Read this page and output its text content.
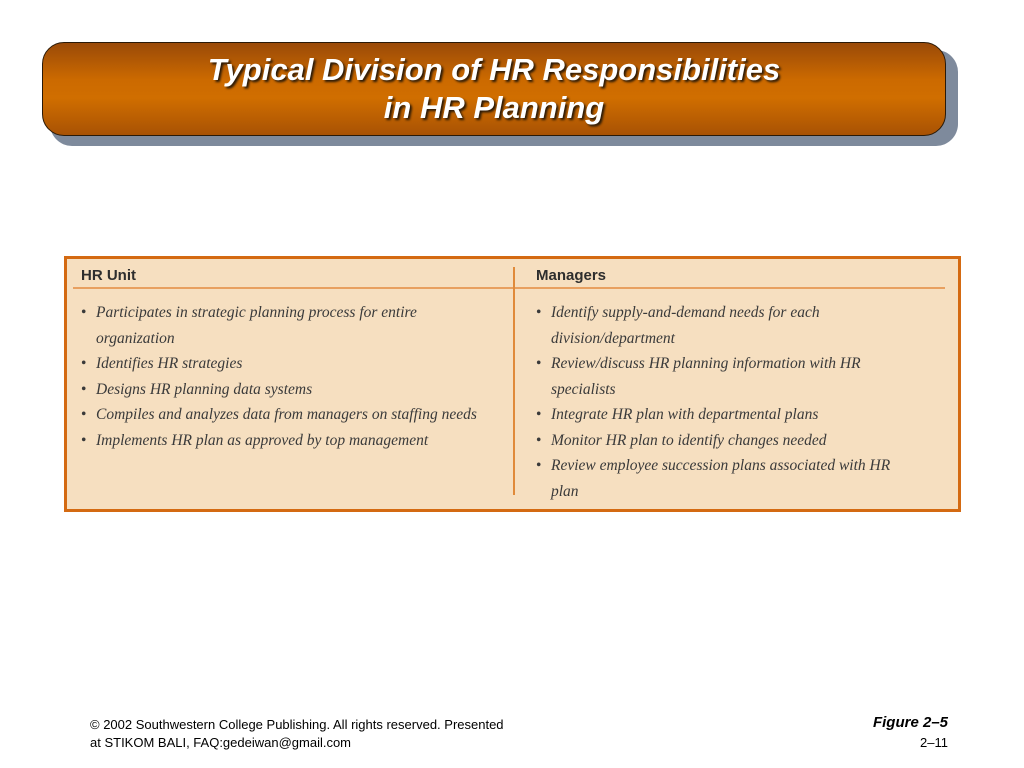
Typical Division of HR Responsibilities
in HR Planning
HR Unit	Managers
• Participates in strategic planning process for entire organization
• Identifies HR strategies
• Designs HR planning data systems
• Compiles and analyzes data from managers on staffing needs
• Implements HR plan as approved by top management
• Identify supply-and-demand needs for each division/department
• Review/discuss HR planning information with HR specialists
• Integrate HR plan with departmental plans
• Monitor HR plan to identify changes needed
• Review employee succession plans associated with HR plan
© 2002 Southwestern College Publishing. All rights reserved. Presented
at STIKOM BALI, FAQ:gedeiwan@gmail.com
Figure 2–5
2–11
